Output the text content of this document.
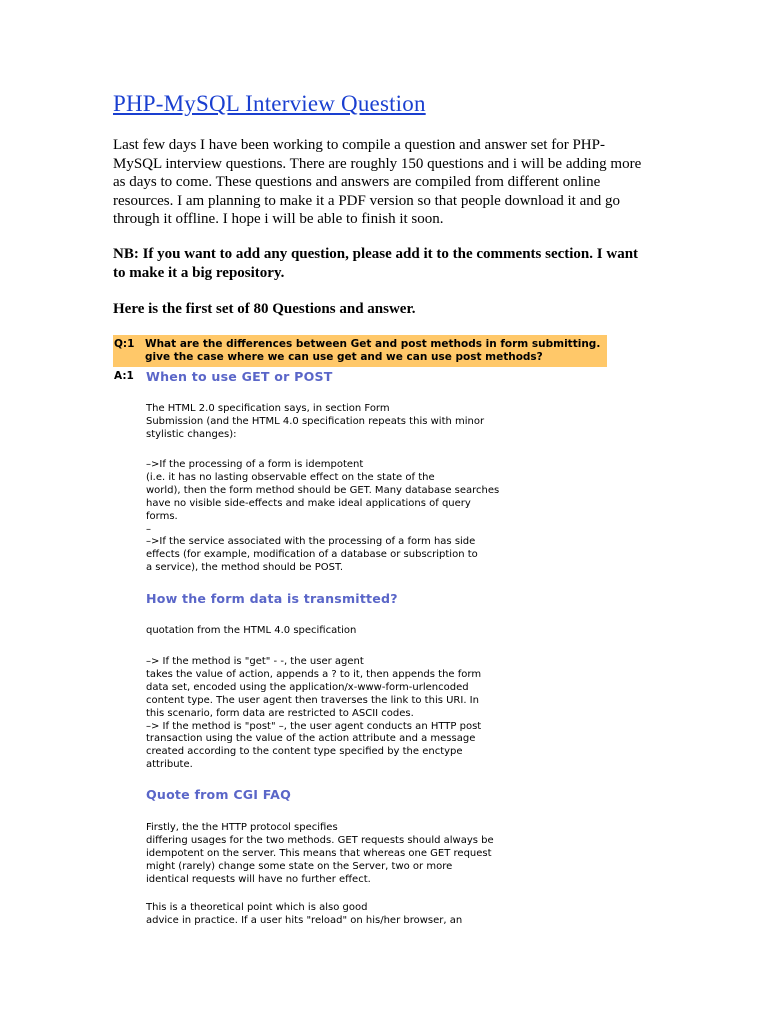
PHP-MySQL Interview Question

Last few days I have been working to compile a question and answer set for PHP-MySQL interview questions. There are roughly 150 questions and i will be adding more as days to come. These questions and answers are compiled from different online resources. I am planning to make it a PDF version so that people download it and go through it offline. I hope i will be able to finish it soon.

NB: If you want to add any question, please add it to the comments section. I want to make it a big repository.

Here is the first set of 80 Questions and answer.

Q:1 What are the differences between Get and post methods in form submitting. give the case where we can use get and we can use post methods?
A:1 When to use GET or POST

The HTML 2.0 specification says, in section Form
Submission (and the HTML 4.0 specification repeats this with minor
stylistic changes):

–>If the processing of a form is idempotent
(i.e. it has no lasting observable effect on the state of the
world), then the form method should be GET. Many database searches
have no visible side-effects and make ideal applications of query
forms.
–
–>If the service associated with the processing of a form has side
effects (for example, modification of a database or subscription to
a service), the method should be POST.

How the form data is transmitted?

quotation from the HTML 4.0 specification

–> If the method is "get" - -, the user agent
takes the value of action, appends a ? to it, then appends the form
data set, encoded using the application/x-www-form-urlencoded
content type. The user agent then traverses the link to this URI. In
this scenario, form data are restricted to ASCII codes.
–> If the method is "post" –, the user agent conducts an HTTP post
transaction using the value of the action attribute and a message
created according to the content type specified by the enctype
attribute.

Quote from CGI FAQ

Firstly, the the HTTP protocol specifies
differing usages for the two methods. GET requests should always be
idempotent on the server. This means that whereas one GET request
might (rarely) change some state on the Server, two or more
identical requests will have no further effect.

This is a theoretical point which is also good
advice in practice. If a user hits "reload" on his/her browser, an
